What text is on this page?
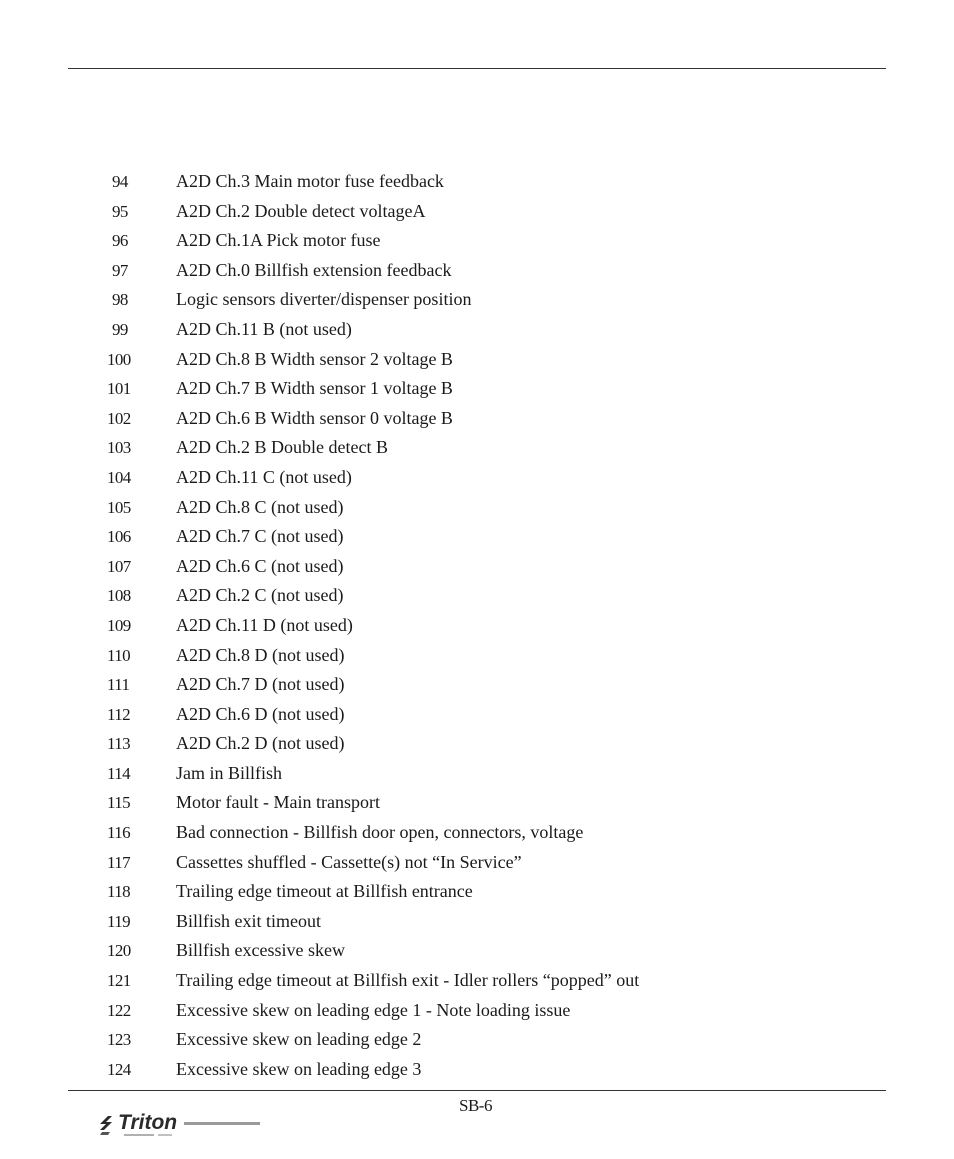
94	A2D Ch.3 Main motor fuse feedback
95	A2D Ch.2 Double detect voltageA
96	A2D Ch.1A Pick motor fuse
97	A2D Ch.0 Billfish extension feedback
98	Logic sensors diverter/dispenser position
99	A2D Ch.11 B (not used)
100	A2D Ch.8 B Width sensor 2 voltage B
101	A2D Ch.7 B Width sensor 1 voltage B
102	A2D Ch.6 B Width sensor 0 voltage B
103	A2D Ch.2 B Double detect B
104	A2D Ch.11 C (not used)
105	A2D Ch.8 C (not used)
106	A2D Ch.7 C (not used)
107	A2D Ch.6 C (not used)
108	A2D Ch.2 C (not used)
109	A2D Ch.11 D (not used)
110	A2D Ch.8 D (not used)
111	A2D Ch.7 D (not used)
112	A2D Ch.6 D (not used)
113	A2D Ch.2 D (not used)
114	Jam in Billfish
115	Motor fault - Main transport
116	Bad connection - Billfish door open, connectors, voltage
117	Cassettes shuffled - Cassette(s) not “In Service”
118	Trailing edge timeout at Billfish entrance
119	Billfish exit timeout
120	Billfish excessive skew
121	Trailing edge timeout at Billfish exit - Idler rollers “popped” out
122	Excessive skew on leading edge 1 - Note loading issue
123	Excessive skew on leading edge 2
124	Excessive skew on leading edge 3
SB-6
Triton
